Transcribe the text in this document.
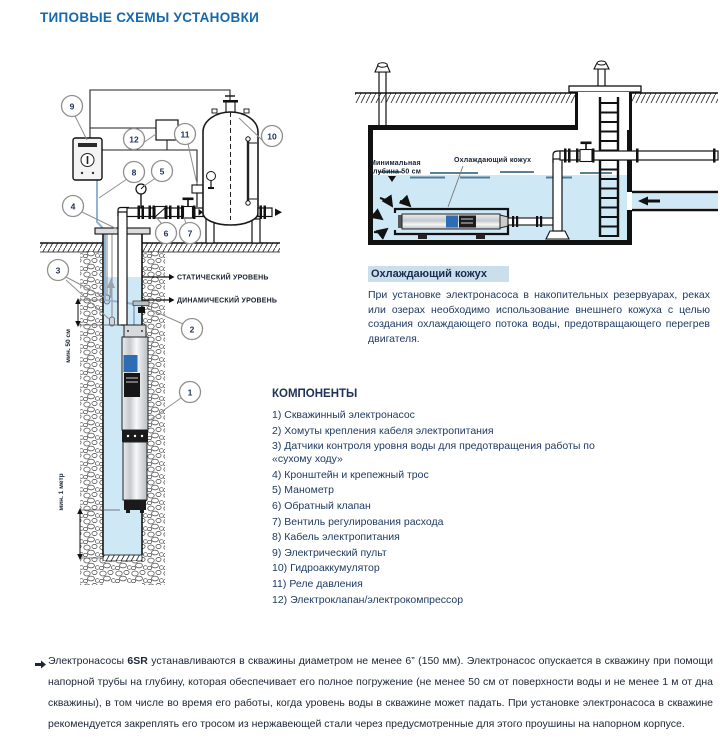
ТИПОВЫЕ СХЕМЫ УСТАНОВКИ
СТАТИЧЕСКИЙ УРОВЕНЬ
ДИНАМИЧЕСКИЙ УРОВЕНЬ
мин. 50 см
мин. 1 метр
9
12	11	10
8	5
4
6 7
3
2
1
Минимальная
глубина 50 см
Охлаждающий кожух
Охлаждающий кожух

При установке электронасоса в накопительных резервуарах, реках или озерах необходимо использование внешнего кожуха с целью создания охлаждающего потока воды, предотвращающего перегрев двигателя.

КОМПОНЕНТЫ
1) Скважинный электронасос
2) Хомуты крепления кабеля электропитания
3) Датчики контроля уровня воды для предотвращения работы по «сухому ходу»
4) Кронштейн и крепежный трос
5) Манометр
6) Обратный клапан
7) Вентиль регулирования расхода
8) Кабель электропитания
9) Электрический пульт
10) Гидроаккумулятор
11) Реле давления
12) Электроклапан/электрокомпрессор

Электронасосы 6SR устанавливаются в скважины диаметром не менее 6” (150 мм). Электронасос опускается в скважину при помощи напорной трубы на глубину, которая обеспечивает его полное погружение (не менее 50 см от поверхности воды и не менее 1 м от дна скважины), в том числе во время его работы, когда уровень воды в скважине может падать. При установке электронасоса в скважине рекомендуется закреплять его тросом из нержавеющей стали через предусмотренные для этого проушины на напорном корпусе.
